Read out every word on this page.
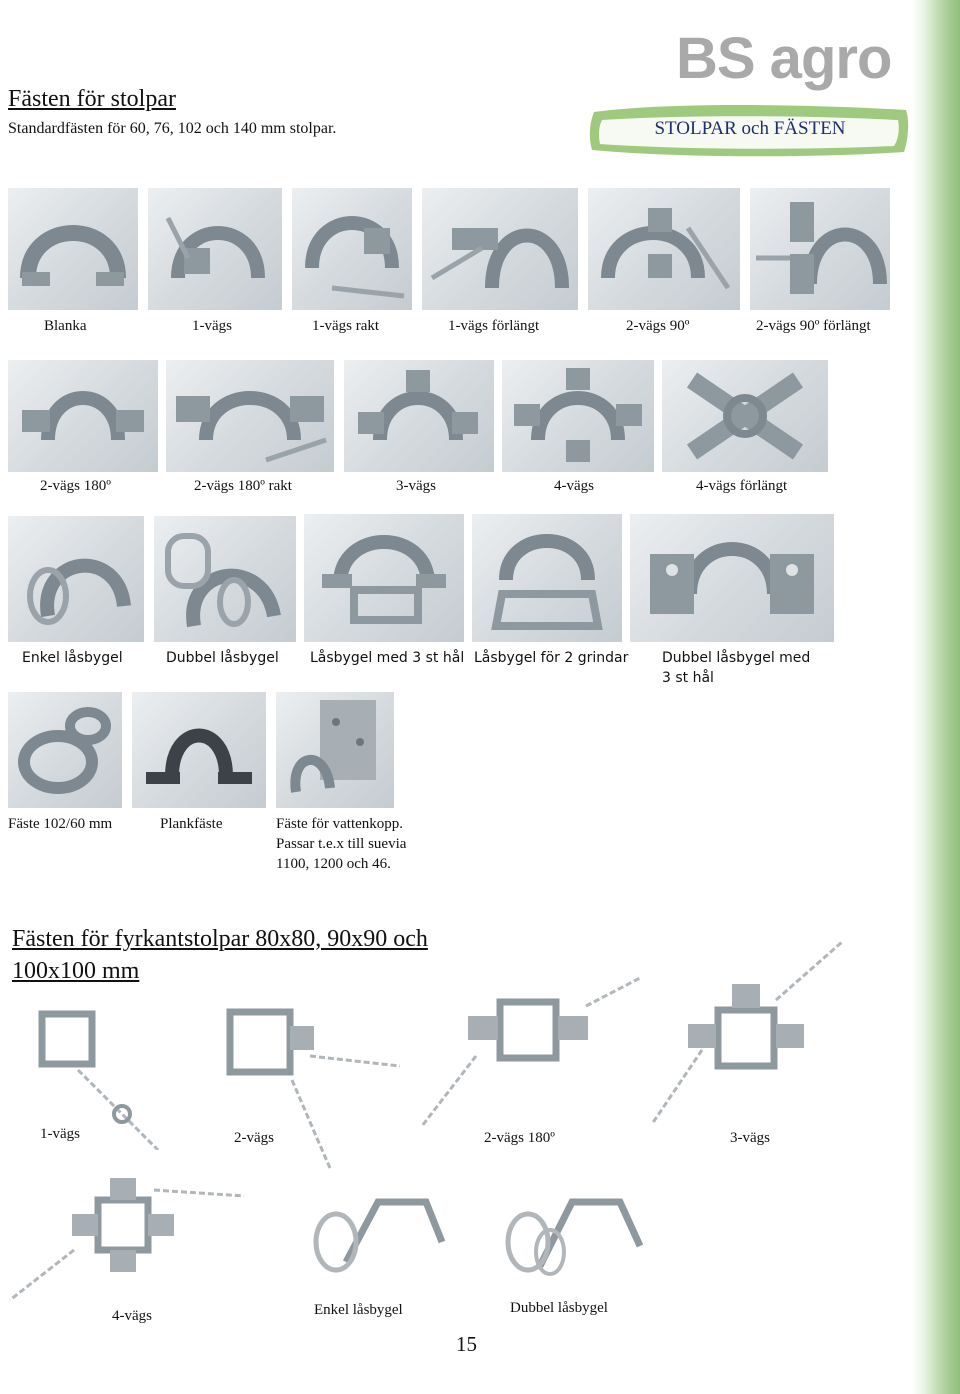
BS agro
STOLPAR och FÄSTEN
Fästen för stolpar
Standardfästen för 60, 76, 102 och 140 mm stolpar.
Blanka	1-vägs	1-vägs rakt	1-vägs förlängt	2-vägs 90º	2-vägs 90º förlängt
2-vägs 180º	2-vägs 180º rakt	3-vägs	4-vägs	4-vägs förlängt
Enkel låsbygel	Dubbel låsbygel Låsbygel med 3 st hål Låsbygel för 2 grindar Dubbel låsbygel med
3 st hål
Fäste 102/60 mm	Plankfäste	Fäste för vattenkopp.
Passar t.e.x till suevia
1100, 1200 och 46.
Fästen för fyrkantstolpar 80x80, 90x90 och
100x100 mm
1-vägs	2-vägs	2-vägs 180º	3-vägs
4-vägs	Enkel låsbygel	Dubbel låsbygel
15
